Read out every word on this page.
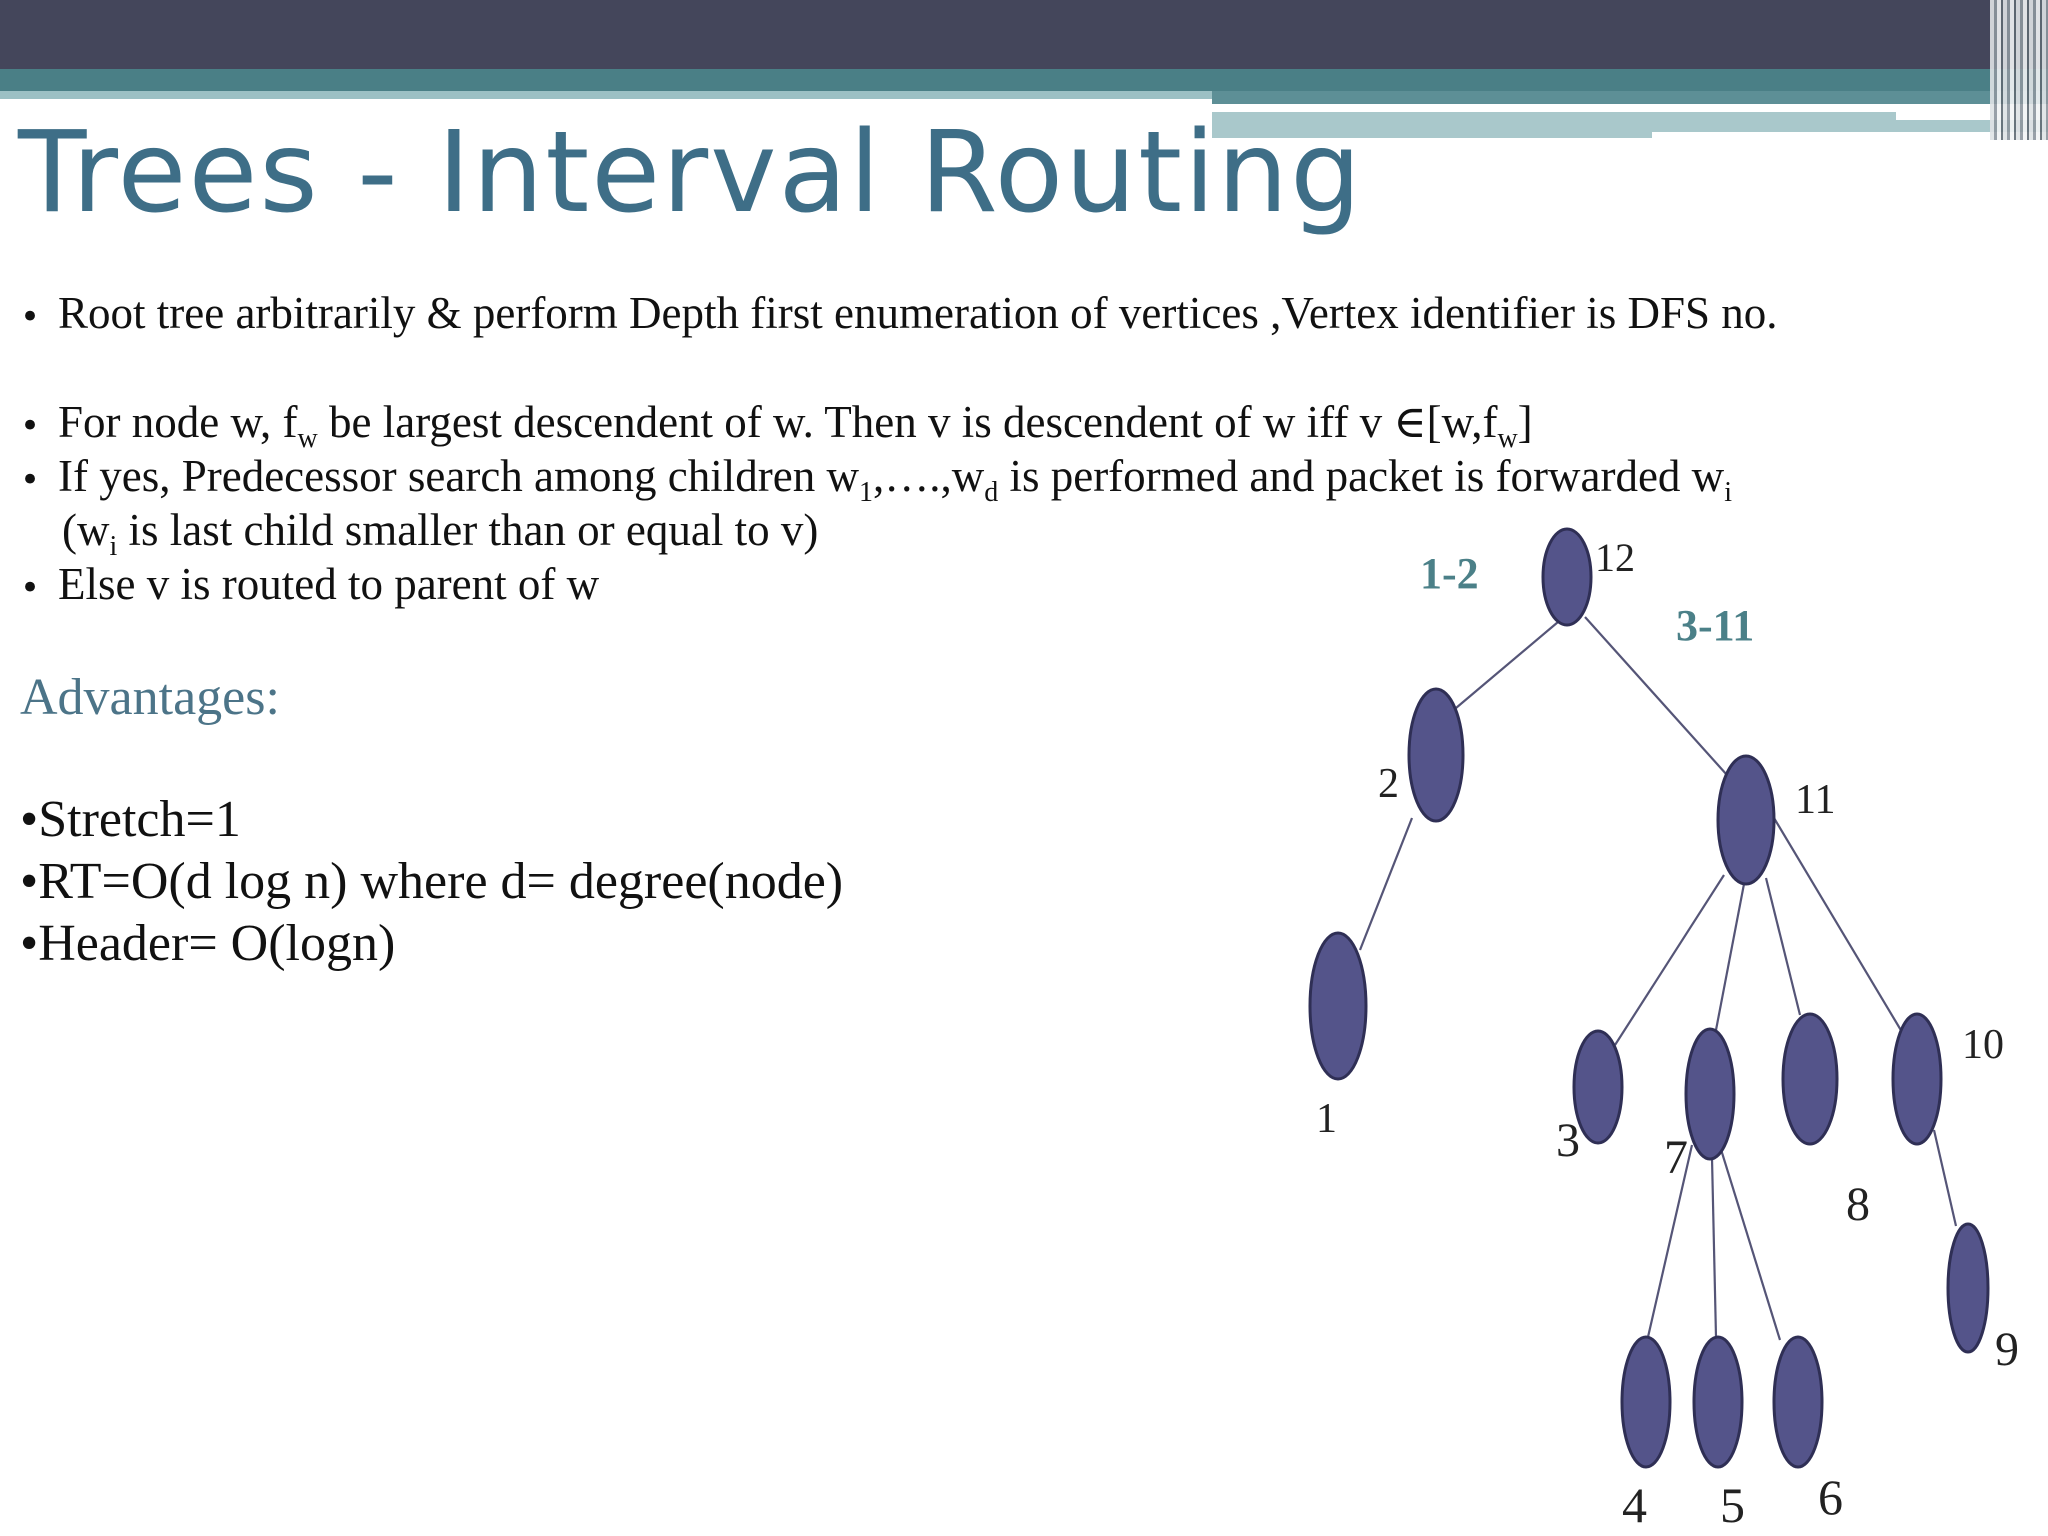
Trees - Interval Routing

• Root tree arbitrarily & perform Depth first enumeration of vertices ,Vertex identifier is DFS no.

• For node w, $f_w$ be largest descendent of w. Then v is descendent of w iff v $\in[w,f_w]$

• If yes, Predecessor search among children $w_1,\dots.,w_d$ is performed and packet is forwarded $w_i$

($w_i$ is last child smaller than or equal to v)

• Else v is routed to parent of w

Advantages:

•Stretch=1

•RT=O(d log n) where d= degree(node)

•Header= O(logn)

12
2	11
1	3 7
8
10
9
4 5 6
1-2
3-11
